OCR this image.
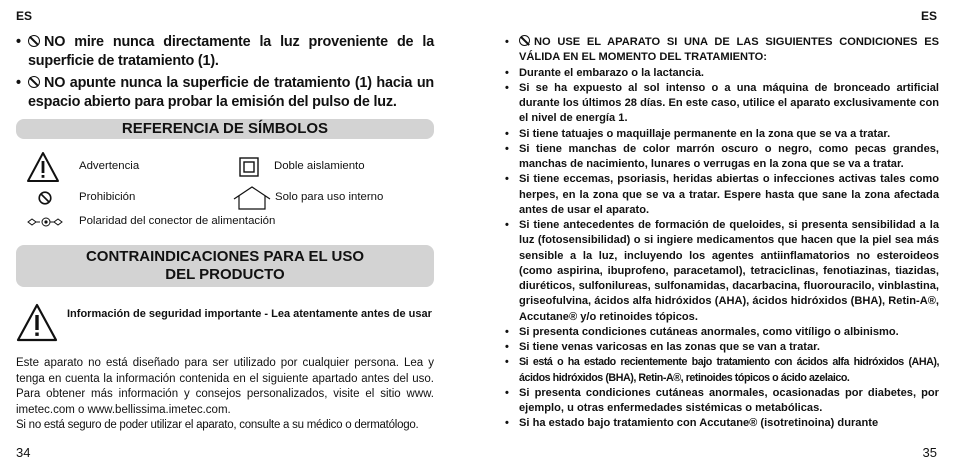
ES
• NO mire nunca directamente la luz proveniente de la superficie de tratamiento (1).
• NO apunte nunca la superficie de tratamiento (1) hacia un espacio abierto para probar la emisión del pulso de luz.
REFERENCIA DE SÍMBOLOS
Advertencia	Doble aislamiento
Prohibición	Solo para uso interno
Polaridad del conector de alimentación
CONTRAINDICACIONES PARA EL USO
DEL PRODUCTO
Información de seguridad importante - Lea atentamente antes de usar

Este aparato no está diseñado para ser utilizado por cualquier persona. Lea y tenga en cuenta la información contenida en el siguiente apartado antes del uso. Para obtener más información y consejos personalizados, visite el sitio www. imetec.com o www.bellissima.imetec.com.

Si no está seguro de poder utilizar el aparato, consulte a su médico o dermatólogo.

34
ES
35
• NO USE EL APARATO SI UNA DE LAS SIGUIENTES CONDICIONES ES VÁLIDA EN EL MOMENTO DEL TRATAMIENTO:
• Durante el embarazo o la lactancia.
• Si se ha expuesto al sol intenso o a una máquina de bronceado artificial durante los últimos 28 días. En este caso, utilice el aparato exclusivamente con el nivel de energía 1.
• Si tiene tatuajes o maquillaje permanente en la zona que se va a tratar.
• Si tiene manchas de color marrón oscuro o negro, como pecas grandes, manchas de nacimiento, lunares o verrugas en la zona que se va a tratar.
• Si tiene eccemas, psoriasis, heridas abiertas o infecciones activas tales como herpes, en la zona que se va a tratar. Espere hasta que sane la zona afectada antes de usar el aparato.
• Si tiene antecedentes de formación de queloides, si presenta sensibilidad a la luz (fotosensibilidad) o si ingiere medicamentos que hacen que la piel sea más sensible a la luz, incluyendo los agentes antiinflamatorios no esteroideos (como aspirina, ibuprofeno, paracetamol), tetraciclinas, fenotiazinas, tiazidas, diuréticos, sulfonilureas, sulfonamidas, dacarbacina, fluorouracilo, vinblastina, griseofulvina, ácidos alfa hidróxidos (AHA), ácidos hidróxidos (BHA), Retin-A®, Accutane® y/o retinoides tópicos.
• Si presenta condiciones cutáneas anormales, como vitíligo o albinismo.
• Si tiene venas varicosas en las zonas que se van a tratar.
• Si está o ha estado recientemente bajo tratamiento con ácidos alfa hidróxidos (AHA), ácidos hidróxidos (BHA), Retin-A®, retinoides tópicos o ácido azelaico.
• Si presenta condiciones cutáneas anormales, ocasionadas por diabetes, por ejemplo, u otras enfermedades sistémicas o metabólicas.
• Si ha estado bajo tratamiento con Accutane® (isotretinoina) durante
